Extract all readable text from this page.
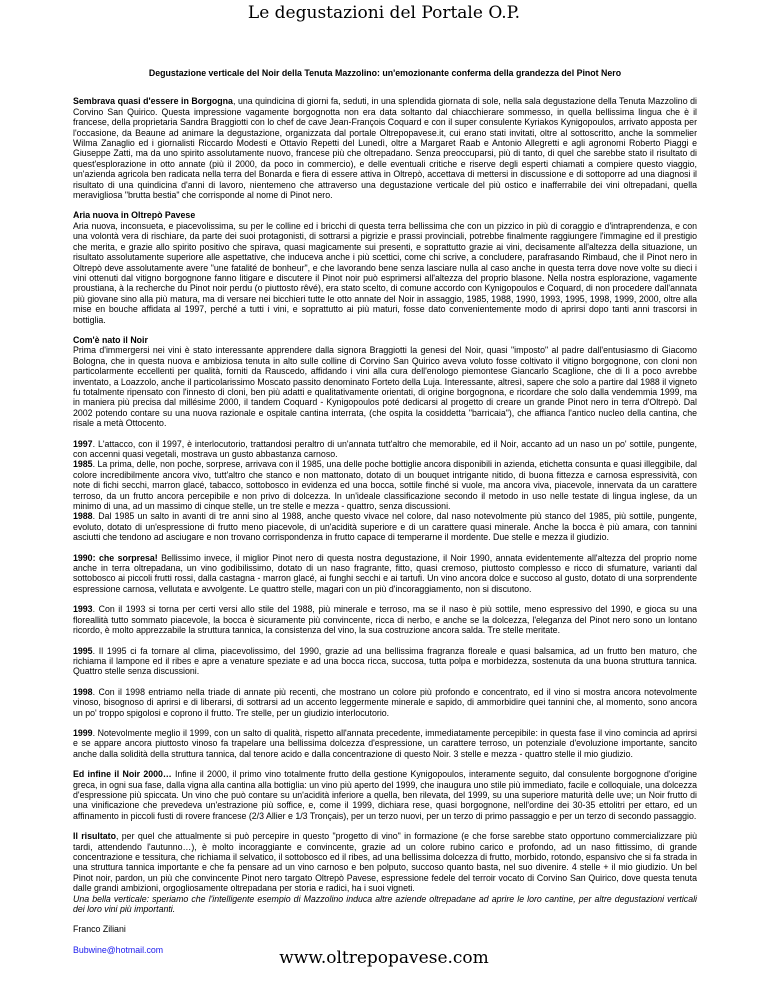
Le degustazioni del Portale O.P.
Degustazione verticale del Noir della Tenuta Mazzolino: un'emozionante conferma della grandezza del Pinot Nero

Sembrava quasi d'essere in Borgogna, una quindicina di giorni fa, seduti, in una splendida giornata di sole, nella sala degustazione della Tenuta Mazzolino di Corvino San Quirico. Questa impressione vagamente borgognotta non era data soltanto dal chiacchierare sommesso, in quella bellissima lingua che è il francese, della proprietaria Sandra Braggiotti con lo chef de cave Jean-François Coquard e con il super consulente Kyriakos Kynigopoulos, arrivato apposta per l'occasione, da Beaune ad animare la degustazione, organizzata dal portale Oltrepopavese.it, cui erano stati invitati, oltre al sottoscritto, anche la sommelier Wilma Zanaglio ed i giornalisti Riccardo Modesti e Ottavio Repetti del Lunedì, oltre a Margaret Raab e Antonio Allegretti e agli agronomi Roberto Piaggi e Giuseppe Zatti, ma da uno spirito assolutamente nuovo, francese più che oltrepadano. Senza preoccuparsi, più di tanto, di quel che sarebbe stato il risultato di quest'esplorazione in otto annate (più il 2000, da poco in commercio), e delle eventuali critiche e riserve degli esperti chiamati a compiere questo viaggio, un'azienda agricola ben radicata nella terra del Bonarda e fiera di essere attiva in Oltrepò, accettava di mettersi in discussione e di sottoporre ad una diagnosi il risultato di una quindicina d'anni di lavoro, nientemeno che attraverso una degustazione verticale del più ostico e inafferrabile dei vini oltrepadani, quella meravigliosa "brutta bestia" che corrisponde al nome di Pinot nero.

Aria nuova in Oltrepò Pavese

Aria nuova, inconsueta, e piacevolissima, su per le colline ed i bricchi di questa terra bellissima che con un pizzico in più di coraggio e d'intraprendenza, e con una volontà vera di rischiare, da parte dei suoi protagonisti, di sottrarsi a pigrizie e prassi provinciali, potrebbe finalmente raggiungere l'immagine ed il prestigio che merita, e grazie allo spirito positivo che spirava, quasi magicamente sui presenti, e soprattutto grazie ai vini, decisamente all'altezza della situazione, un risultato assolutamente superiore alle aspettative, che induceva anche i più scettici, come chi scrive, a concludere, parafrasando Rimbaud, che il Pinot nero in Oltrepò deve assolutamente avere "une fatalité de bonheur", e che lavorando bene senza lasciare nulla al caso anche in questa terra dove nove volte su dieci i vini ottenuti dal vitigno borgognone fanno litigare e discutere il Pinot noir può esprimersi all'altezza del proprio blasone. Nella nostra esplorazione, vagamente proustiana, à la recherche du Pinot noir perdu (o piuttosto rêvé), era stato scelto, di comune accordo con Kynigopoulos e Coquard, di non procedere dall'annata più giovane sino alla più matura, ma di versare nei bicchieri tutte le otto annate del Noir in assaggio, 1985, 1988, 1990, 1993, 1995, 1998, 1999, 2000, oltre alla mise en bouche affidata al 1997, perché a tutti i vini, e soprattutto ai più maturi, fosse dato convenientemente modo di aprirsi dopo tanti anni trascorsi in bottiglia.

Com'è nato il Noir

Prima d'immergersi nei vini è stato interessante apprendere dalla signora Braggiotti la genesi del Noir, quasi "imposto" al padre dall'entusiasmo di Giacomo Bologna, che in questa nuova e ambiziosa tenuta in alto sulle colline di Corvino San Quirico aveva voluto fosse coltivato il vitigno borgognone, con cloni non particolarmente eccellenti per qualità, forniti da Rauscedo, affidando i vini alla cura dell'enologo piemontese Giancarlo Scaglione, che di lì a poco avrebbe inventato, a Loazzolo, anche il particolarissimo Moscato passito denominato Forteto della Luja. Interessante, altresì, sapere che solo a partire dal 1988 il vigneto fu totalmente ripensato con l'innesto di cloni, ben più adatti e qualitativamente orientati, di origine borgognona, e ricordare che solo dalla vendemmia 1999, ma in maniera più precisa dal millésime 2000, il tandem Coquard - Kynigopoulos poté dedicarsi al progetto di creare un grande Pinot nero in terra d'Oltrepò. Dal 2002 potendo contare su una nuova razionale e ospitale cantina interrata, (che ospita la cosiddetta "barricaia"), che affianca l'antico nucleo della cantina, che risale a metà Ottocento.

1997. L'attacco, con il 1997, è interlocutorio, trattandosi peraltro di un'annata tutt'altro che memorabile, ed il Noir, accanto ad un naso un po' sottile, pungente, con accenni quasi vegetali, mostrava un gusto abbastanza carnoso.
1985. La prima, delle, non poche, sorprese, arrivava con il 1985, una delle poche bottiglie ancora disponibili in azienda, etichetta consunta e quasi illeggibile, dal colore incredibilmente ancora vivo, tutt'altro che stanco e non mattonato, dotato di un bouquet intrigante nitido, di buona fittezza e carnosa espressività, con note di fichi secchi, marron glacé, tabacco, sottobosco in evidenza ed una bocca, sottile finché si vuole, ma ancora viva, piacevole, innervata da un carattere terroso, da un frutto ancora percepibile e non privo di dolcezza. In un'ideale classificazione secondo il metodo in uso nelle testate di lingua inglese, da un minimo di una, ad un massimo di cinque stelle, un tre stelle e mezza - quattro, senza discussioni.
1988. Dal 1985 un salto in avanti di tre anni sino al 1988, anche questo vivace nel colore, dal naso notevolmente più stanco del 1985, più sottile, pungente, evoluto, dotato di un'espressione di frutto meno piacevole, di un'acidità superiore e di un carattere quasi minerale. Anche la bocca è più amara, con tannini asciutti che tendono ad asciugare e non trovano corrispondenza in frutto capace di temperarne il mordente. Due stelle e mezza il giudizio.

1990: che sorpresa! Bellissimo invece, il miglior Pinot nero di questa nostra degustazione, il Noir 1990, annata evidentemente all'altezza del proprio nome anche in terra oltrepadana, un vino godibilissimo, dotato di un naso fragrante, fitto, quasi cremoso, piuttosto complesso e ricco di sfumature, varianti dal sottobosco ai piccoli frutti rossi, dalla castagna - marron glacé, ai funghi secchi e ai tartufi. Un vino ancora dolce e succoso al gusto, dotato di una sorprendente espressione carnosa, vellutata e avvolgente. Le quattro stelle, magari con un più d'incoraggiamento, non si discutono.

1993. Con il 1993 si torna per certi versi allo stile del 1988, più minerale e terroso, ma se il naso è più sottile, meno espressivo del 1990, e gioca su una floreallità tutto sommato piacevole, la bocca è sicuramente più convincente, ricca di nerbo, e anche se la dolcezza, l'eleganza del Pinot nero sono un lontano ricordo, è molto apprezzabile la struttura tannica, la consistenza del vino, la sua costruzione ancora salda. Tre stelle meritate.

1995. Il 1995 ci fa tornare al clima, piacevolissimo, del 1990, grazie ad una bellissima fragranza floreale e quasi balsamica, ad un frutto ben maturo, che richiama il lampone ed il ribes e apre a venature speziate e ad una bocca ricca, succosa, tutta polpa e morbidezza, sostenuta da una buona struttura tannica. Quattro stelle senza discussioni.

1998. Con il 1998 entriamo nella triade di annate più recenti, che mostrano un colore più profondo e concentrato, ed il vino si mostra ancora notevolmente vinoso, bisognoso di aprirsi e di liberarsi, di sottrarsi ad un accento leggermente minerale e sapido, di ammorbidire quei tannini che, al momento, sono ancora un po' troppo spigolosi e coprono il frutto. Tre stelle, per un giudizio interlocutorio.

1999. Notevolmente meglio il 1999, con un salto di qualità, rispetto all'annata precedente, immediatamente percepibile: in questa fase il vino comincia ad aprirsi e se appare ancora piuttosto vinoso fa trapelare una bellissima dolcezza d'espressione, un carattere terroso, un potenziale d'evoluzione importante, sancito anche dalla solidità della struttura tannica, dal tenore acido e dalla concentrazione di questo Noir. 3 stelle e mezza - quattro stelle il mio giudizio.

Ed infine il Noir 2000… Infine il 2000, il primo vino totalmente frutto della gestione Kynigopoulos, interamente seguito, dal consulente borgognone d'origine greca, in ogni sua fase, dalla vigna alla cantina alla bottiglia: un vino più aperto del 1999, che inaugura uno stile più immediato, facile e colloquiale, una dolcezza d'espressione più spiccata. Un vino che può contare su un'acidità inferiore a quella, ben rilevata, del 1999, su una superiore maturità delle uve; un Noir frutto di una vinificazione che prevedeva un'estrazione più soffice, e, come il 1999, dichiara rese, quasi borgognone, nell'ordine dei 30-35 ettolitri per ettaro, ed un affinamento in piccoli fusti di rovere francese (2/3 Allier e 1/3 Tronçais), per un terzo nuovi, per un terzo di primo passaggio e per un terzo di secondo passaggio.

Il risultato, per quel che attualmente si può percepire in questo "progetto di vino" in formazione (e che forse sarebbe stato opportuno commercializzare più tardi, attendendo l'autunno…), è molto incoraggiante e convincente, grazie ad un colore rubino carico e profondo, ad un naso fittissimo, di grande concentrazione e tessitura, che richiama il selvatico, il sottobosco ed il ribes, ad una bellissima dolcezza di frutto, morbido, rotondo, espansivo che si fa strada in una struttura tannica importante e che fa pensare ad un vino carnoso e ben polputo, succoso quanto basta, nel suo divenire. 4 stelle + il mio giudizio. Un bel Pinot noir, pardon, un più che convincente Pinot nero targato Oltrepò Pavese, espressione fedele del terroir vocato di Corvino San Quirico, dove questa tenuta dalle grandi ambizioni, orgogliosamente oltrepadana per storia e radici, ha i suoi vigneti.
Una bella verticale: speriamo che l'intelligente esempio di Mazzolino induca altre aziende oltrepadane ad aprire le loro cantine, per altre degustazioni verticali dei loro vini più importanti.

Franco Ziliani

Bubwine@hotmail.com	www.oltrepopavese.com
